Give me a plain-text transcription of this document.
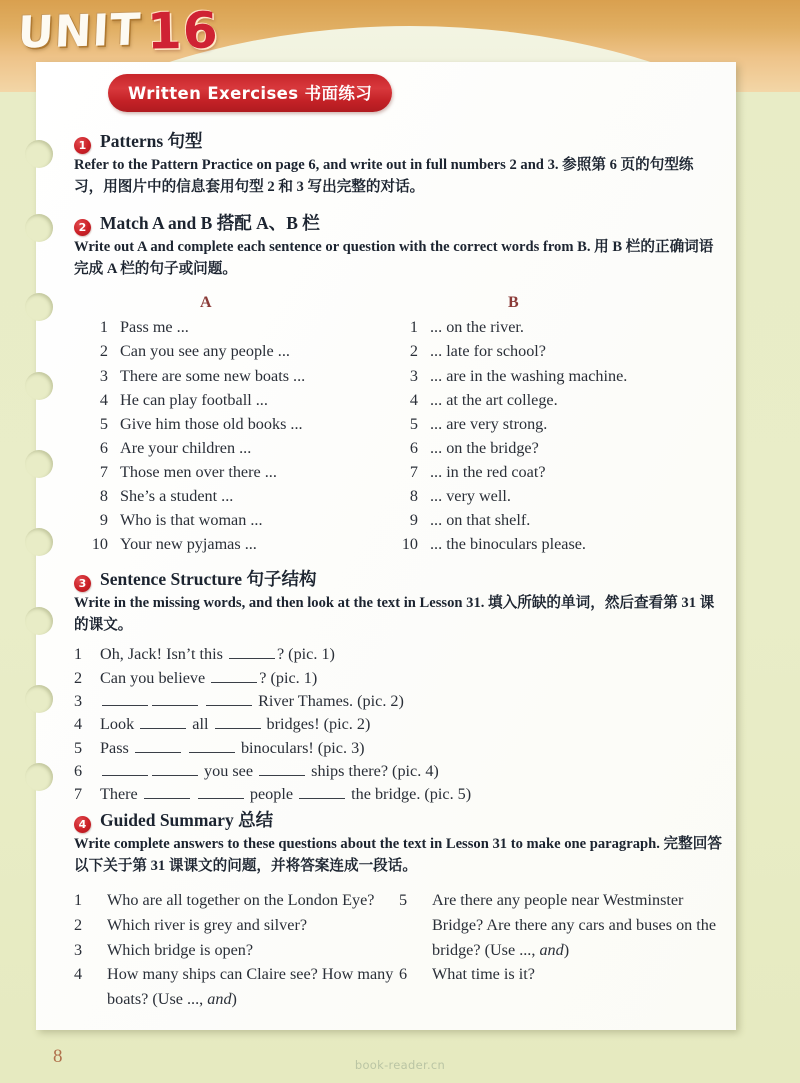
UNIT 16
Written Exercises 书面练习
1 Patterns 句型
Refer to the Pattern Practice on page 6, and write out in full numbers 2 and 3. 参照第 6 页的句型练习，用图片中的信息套用句型 2 和 3 写出完整的对话。
2 Match A and B 搭配 A、B 栏
Write out A and complete each sentence or question with the correct words from B. 用 B 栏的正确词语完成 A 栏的句子或问题。
A
1 Pass me ...
2 Can you see any people ...
3 There are some new boats ...
4 He can play football ...
5 Give him those old books ...
6 Are your children ...
7 Those men over there ...
8 She’s a student ...
9 Who is that woman ...
10 Your new pyjamas ...
B
1 ... on the river.
2 ... late for school?
3 ... are in the washing machine.
4 ... at the art college.
5 ... are very strong.
6 ... on the bridge?
7 ... in the red coat?
8 ... very well.
9 ... on that shelf.
10 ... the binoculars please.
3 Sentence Structure 句子结构
Write in the missing words, and then look at the text in Lesson 31. 填入所缺的单词，然后查看第 31 课的课文。
1	Oh, Jack! Isn’t this	? (pic. 1)
2	Can you believe	? (pic. 1)
3	River Thames. (pic. 2)
4	Look	all	bridges! (pic. 2)
5	Pass	binoculars! (pic. 3)
6	you see	ships there? (pic. 4)
7	There	people	the bridge. (pic. 5)
4 Guided Summary 总结
Write complete answers to these questions about the text in Lesson 31 to make one paragraph. 完整回答以下关于第 31 课课文的问题，并将答案连成一段话。
1	Who are all together on the London Eye?
2	Which river is grey and silver?
3	Which bridge is open?
4	How many ships can Claire see? How many boats? (Use ..., and)
5	Are there any people near Westminster Bridge? Are there any cars and buses on the bridge? (Use ..., and)
6	What time is it?
8	book-reader.cn
